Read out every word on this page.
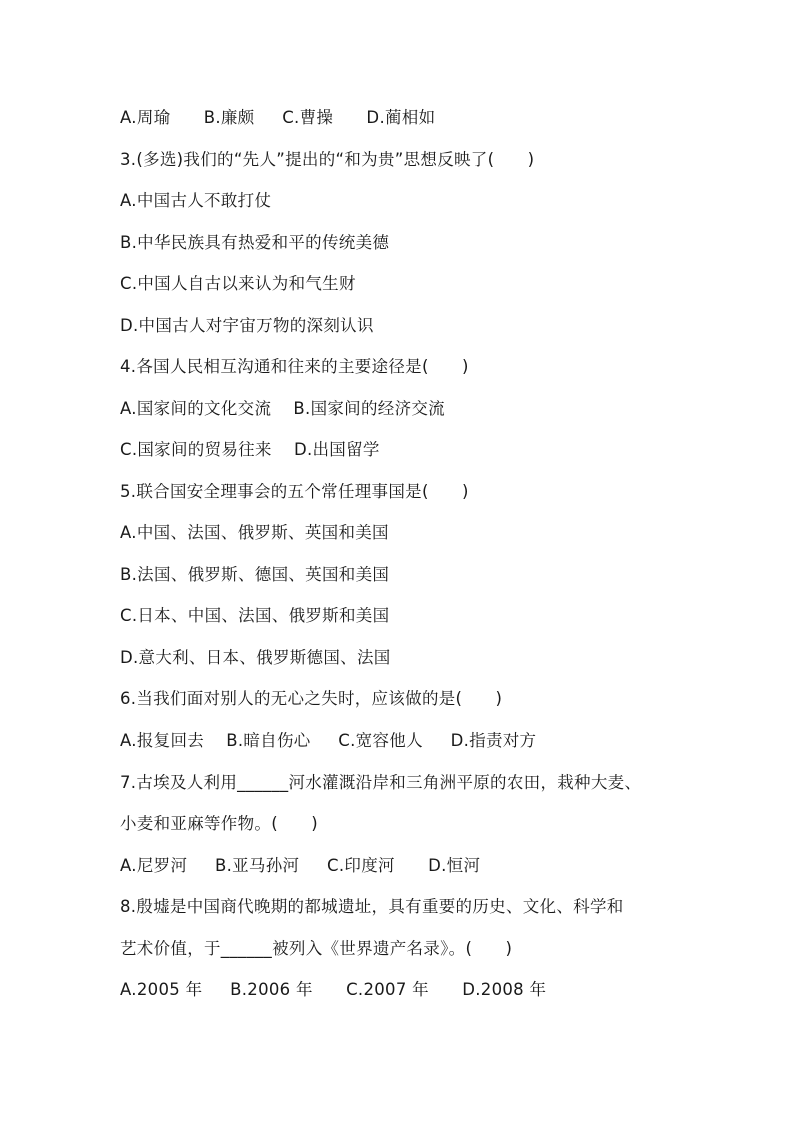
A.周瑜      B.廉颇     C.曹操      D.蔺相如
3.(多选)我们的“先人”提出的“和为贵”思想反映了(      )
A.中国古人不敢打仗
B.中华民族具有热爱和平的传统美德
C.中国人自古以来认为和气生财
D.中国古人对宇宙万物的深刻认识
4.各国人民相互沟通和往来的主要途径是(      )
A.国家间的文化交流    B.国家间的经济交流
C.国家间的贸易往来    D.出国留学
5.联合国安全理事会的五个常任理事国是(      )
A.中国、法国、俄罗斯、英国和美国
B.法国、俄罗斯、德国、英国和美国
C.日本、中国、法国、俄罗斯和美国
D.意大利、日本、俄罗斯德国、法国
6.当我们面对别人的无心之失时，应该做的是(      )
A.报复回去    B.暗自伤心     C.宽容他人     D.指责对方
7.古埃及人利用______河水灌溉沿岸和三角洲平原的农田，栽种大麦、
小麦和亚麻等作物。(      )
A.尼罗河     B.亚马孙河     C.印度河      D.恒河
8.殷墟是中国商代晚期的都城遗址，具有重要的历史、文化、科学和
艺术价值，于______被列入《世界遗产名录》。(      )
A.2005 年     B.2006 年      C.2007 年      D.2008 年
